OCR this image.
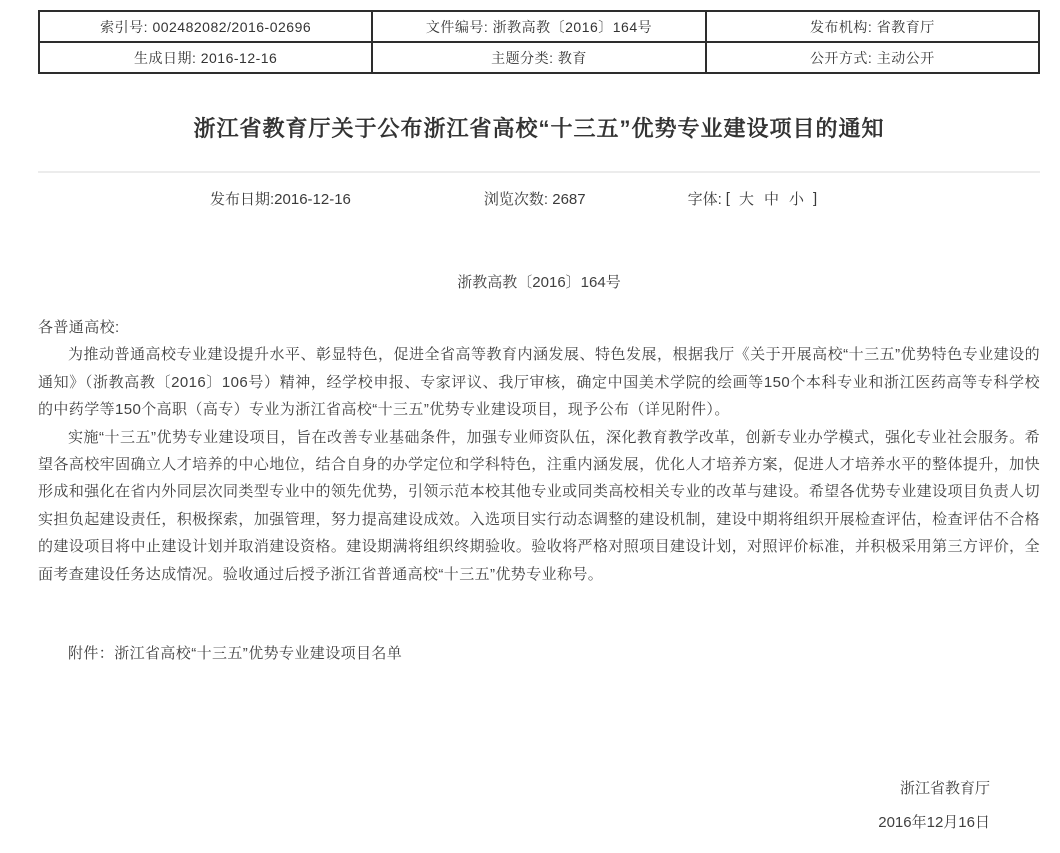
索引号: 002482082/2016-02696	文件编号: 浙教高教〔2016〕164号	发布机构: 省教育厅
生成日期: 2016-12-16	主题分类: 教育	公开方式: 主动公开
浙江省教育厅关于公布浙江省高校“十三五”优势专业建设项目的通知
发布日期:2016-12-16	浏览次数: 2687	字体: [ 大 中 小 ]
浙教高教〔2016〕164号

各普通高校:

为推动普通高校专业建设提升水平、彰显特色，促进全省高等教育内涵发展、特色发展，根据我厅《关于开展高校“十三五”优势特色专业建设的通知》（浙教高教〔2016〕106号）精神，经学校申报、专家评议、我厅审核，确定中国美术学院的绘画等150个本科专业和浙江医药高等专科学校的中药学等150个高职（高专）专业为浙江省高校“十三五”优势专业建设项目，现予公布（详见附件）。

实施“十三五”优势专业建设项目，旨在改善专业基础条件，加强专业师资队伍，深化教育教学改革，创新专业办学模式，强化专业社会服务。希望各高校牢固确立人才培养的中心地位，结合自身的办学定位和学科特色，注重内涵发展，优化人才培养方案，促进人才培养水平的整体提升，加快形成和强化在省内外同层次同类型专业中的领先优势，引领示范本校其他专业或同类高校相关专业的改革与建设。希望各优势专业建设项目负责人切实担负起建设责任，积极探索，加强管理，努力提高建设成效。入选项目实行动态调整的建设机制，建设中期将组织开展检查评估，检查评估不合格的建设项目将中止建设计划并取消建设资格。建设期满将组织终期验收。验收将严格对照项目建设计划，对照评价标准，并积极采用第三方评价，全面考查建设任务达成情况。验收通过后授予浙江省普通高校“十三五”优势专业称号。

附件：浙江省高校“十三五”优势专业建设项目名单
浙江省教育厅
2016年12月16日
